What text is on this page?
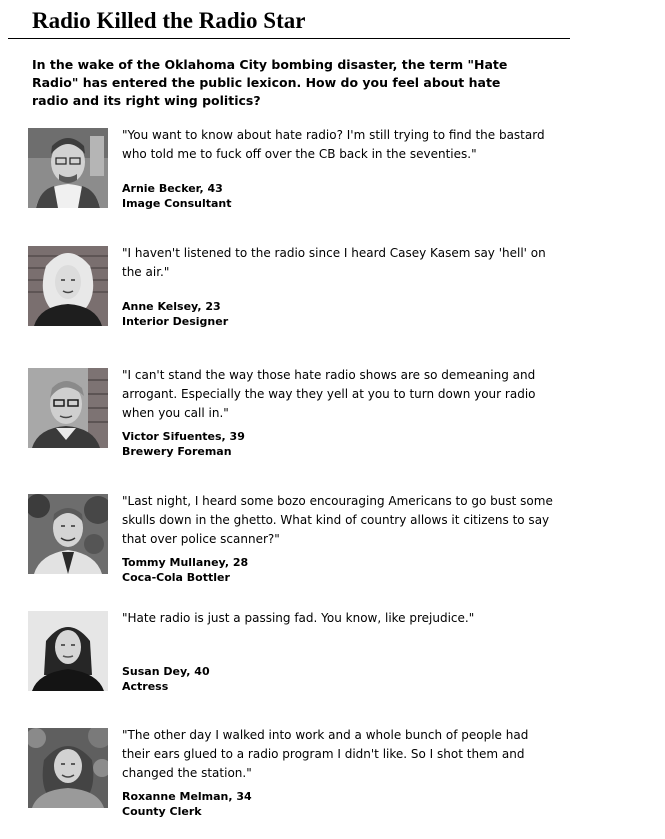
Radio Killed the Radio Star
In the wake of the Oklahoma City bombing disaster, the term "Hate Radio" has entered the public lexicon. How do you feel about hate radio and its right wing politics?
"You want to know about hate radio? I'm still trying to find the bastard who told me to fuck off over the CB back in the seventies."
Arnie Becker, 43
Image Consultant
"I haven't listened to the radio since I heard Casey Kasem say 'hell' on the air."
Anne Kelsey, 23
Interior Designer
"I can't stand the way those hate radio shows are so demeaning and arrogant. Especially the way they yell at you to turn down your radio when you call in."
Victor Sifuentes, 39
Brewery Foreman
"Last night, I heard some bozo encouraging Americans to go bust some skulls down in the ghetto. What kind of country allows it citizens to say that over police scanner?"
Tommy Mullaney, 28
Coca-Cola Bottler
"Hate radio is just a passing fad. You know, like prejudice."
Susan Dey, 40
Actress
"The other day I walked into work and a whole bunch of people had their ears glued to a radio program I didn't like. So I shot them and changed the station."
Roxanne Melman, 34
County Clerk
